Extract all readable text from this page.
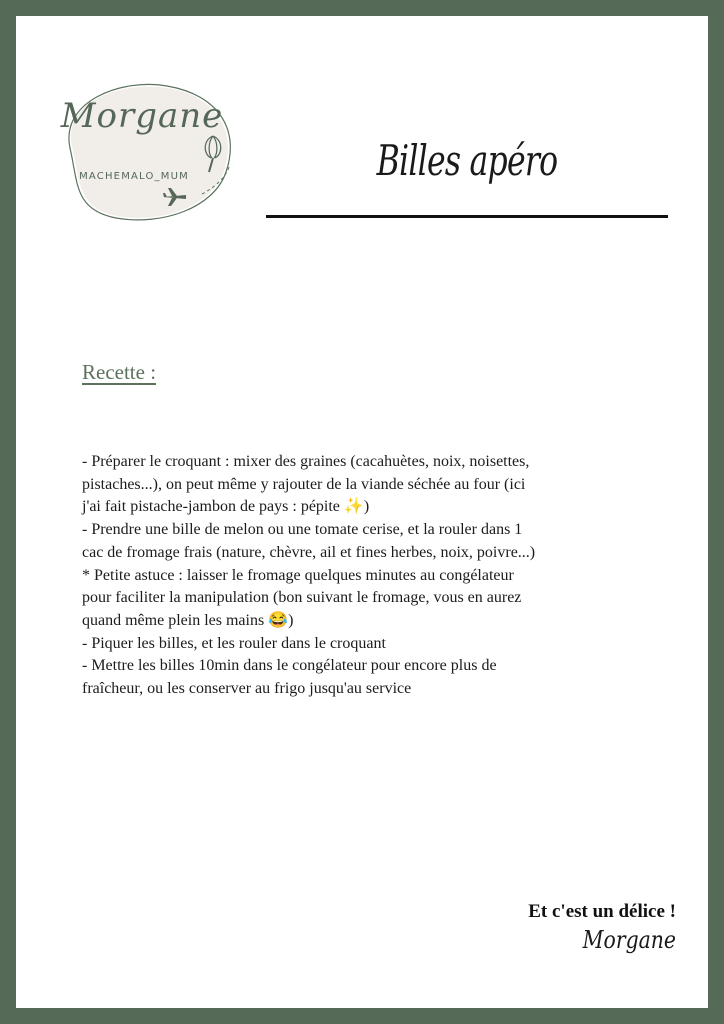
Morgane
MACHEMALO_MUM	Billes apéro
Recette :
- Préparer le croquant : mixer des graines (cacahuètes, noix, noisettes,
pistaches...), on peut même y rajouter de la viande séchée au four (ici
j'ai fait pistache-jambon de pays : pépite ✨)
- Prendre une bille de melon ou une tomate cerise, et la rouler dans 1
cac de fromage frais (nature, chèvre, ail et fines herbes, noix, poivre...)
* Petite astuce : laisser le fromage quelques minutes au congélateur
pour faciliter la manipulation (bon suivant le fromage, vous en aurez
quand même plein les mains 😂)
- Piquer les billes, et les rouler dans le croquant
- Mettre les billes 10min dans le congélateur pour encore plus de
fraîcheur, ou les conserver au frigo jusqu'au service
Et c'est un délice !
Morgane
